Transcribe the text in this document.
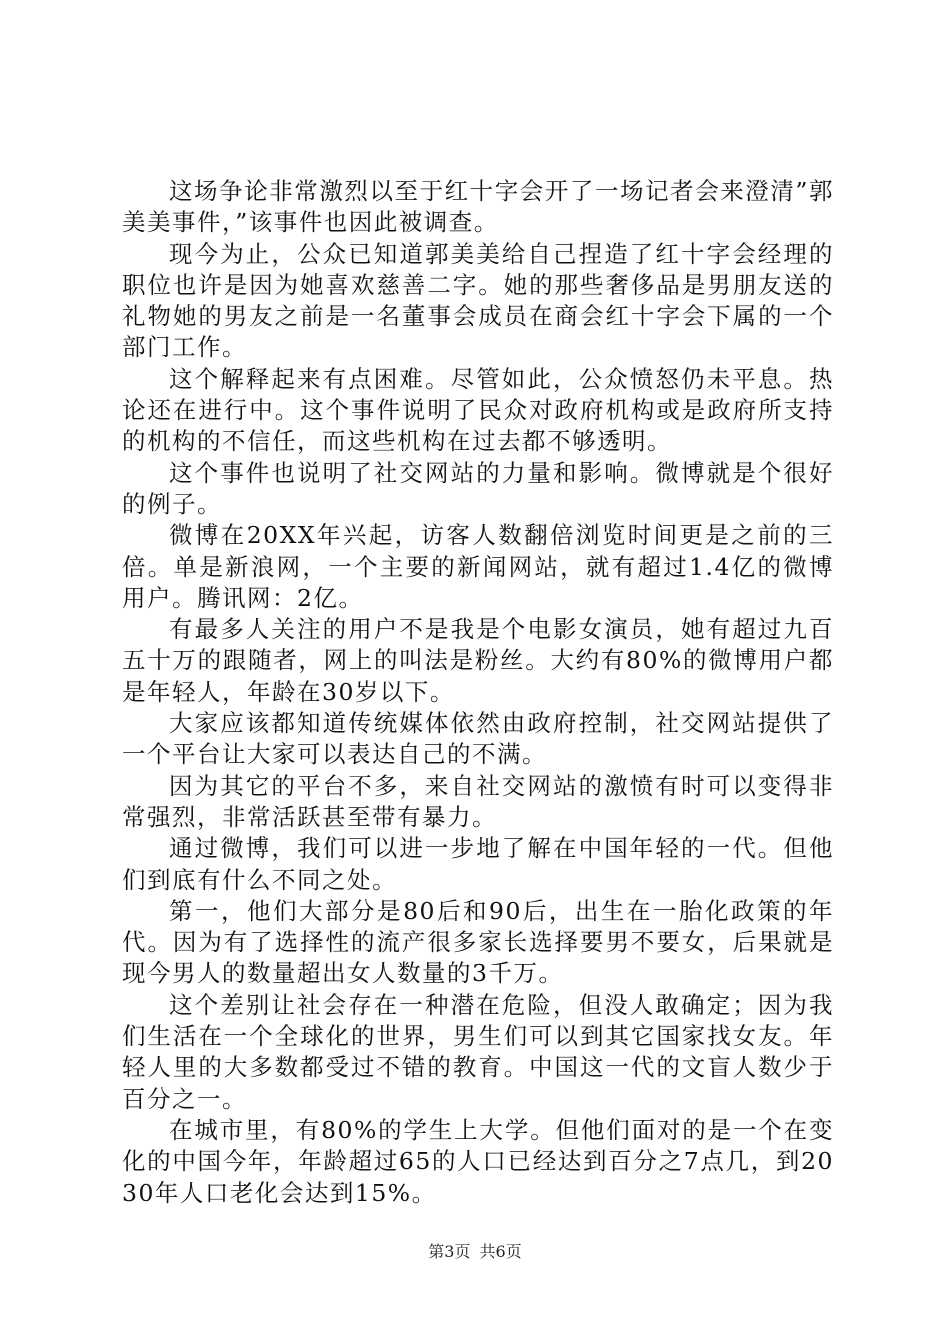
这场争论非常激烈以至于红十字会开了一场记者会来澄清”郭美美事件，”该事件也因此被调查。

现今为止，公众已知道郭美美给自己捏造了红十字会经理的职位也许是因为她喜欢慈善二字。她的那些奢侈品是男朋友送的礼物她的男友之前是一名董事会成员在商会红十字会下属的一个部门工作。

这个解释起来有点困难。尽管如此，公众愤怒仍未平息。热论还在进行中。这个事件说明了民众对政府机构或是政府所支持的机构的不信任，而这些机构在过去都不够透明。

这个事件也说明了社交网站的力量和影响。微博就是个很好的例子。

微博在20XX年兴起，访客人数翻倍浏览时间更是之前的三倍。单是新浪网，一个主要的新闻网站，就有超过1.4亿的微博用户。腾讯网：2亿。

有最多人关注的用户不是我是个电影女演员，她有超过九百五十万的跟随者，网上的叫法是粉丝。大约有80%的微博用户都是年轻人，年龄在30岁以下。

大家应该都知道传统媒体依然由政府控制，社交网站提供了一个平台让大家可以表达自己的不满。

因为其它的平台不多，来自社交网站的激愤有时可以变得非常强烈，非常活跃甚至带有暴力。

通过微博，我们可以进一步地了解在中国年轻的一代。但他们到底有什么不同之处。

第一，他们大部分是80后和90后，出生在一胎化政策的年代。因为有了选择性的流产很多家长选择要男不要女，后果就是现今男人的数量超出女人数量的3千万。

这个差别让社会存在一种潜在危险，但没人敢确定；因为我们生活在一个全球化的世界，男生们可以到其它国家找女友。年轻人里的大多数都受过不错的教育。中国这一代的文盲人数少于百分之一。

在城市里，有80%的学生上大学。但他们面对的是一个在变化的中国今年，年龄超过65的人口已经达到百分之7点几，到2030年人口老化会达到15%。

第3页 共6页
